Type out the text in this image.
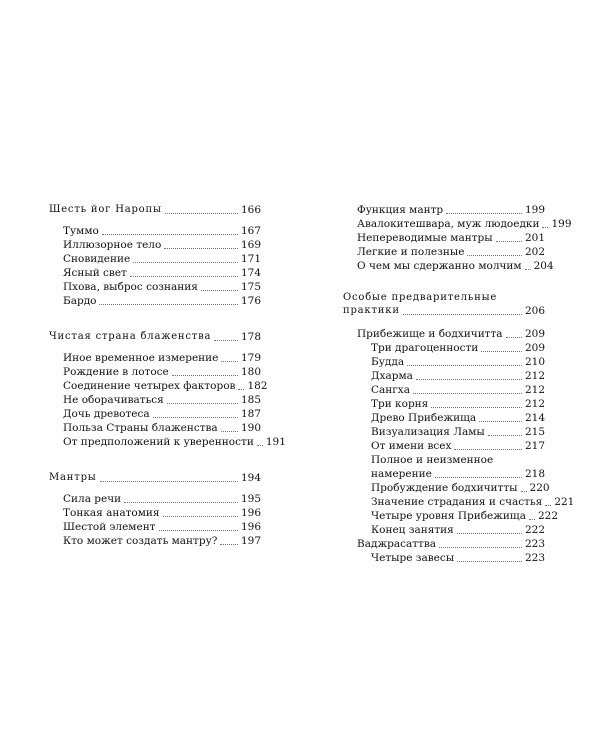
Шесть йог Наропы	166
Туммо	167
Иллюзорное тело	169
Сновидение	171
Ясный свет	174
Пхова, выброс сознания	175
Бардо	176
Чистая страна блаженства	178
Иное временное измерение 179
Рождение в лотосе	180
Соединение четырех факторов 182
Не оборачиваться	185
Дочь древотеса	187
Польза Страны блаженства 190
От предположений к уверенности 191
Мантры	194
Сила речи	195
Тонкая анатомия	196
Шестой элемент	196
Кто может создать мантру? 197
Функция мантр	199
Авалокитешвара, муж людоедки 199
Непереводимые мантры	201
Легкие и полезные	202
О чем мы сдержанно молчим 204
Особые предварительные
практики	206
Прибежище и бодхичитта 209
Три драгоценности	209
Будда	210
Дхарма	212
Сангха	212
Три корня	212
Древо Прибежища	214
Визуализация Ламы	215
От имени всех	217
Полное и неизменное
намерение	218
Пробуждение бодхичитты 220
Значение страдания и счастья 221
Четыре уровня Прибежища 222
Конец занятия	222
Ваджрасаттва	223
Четыре завесы	223
